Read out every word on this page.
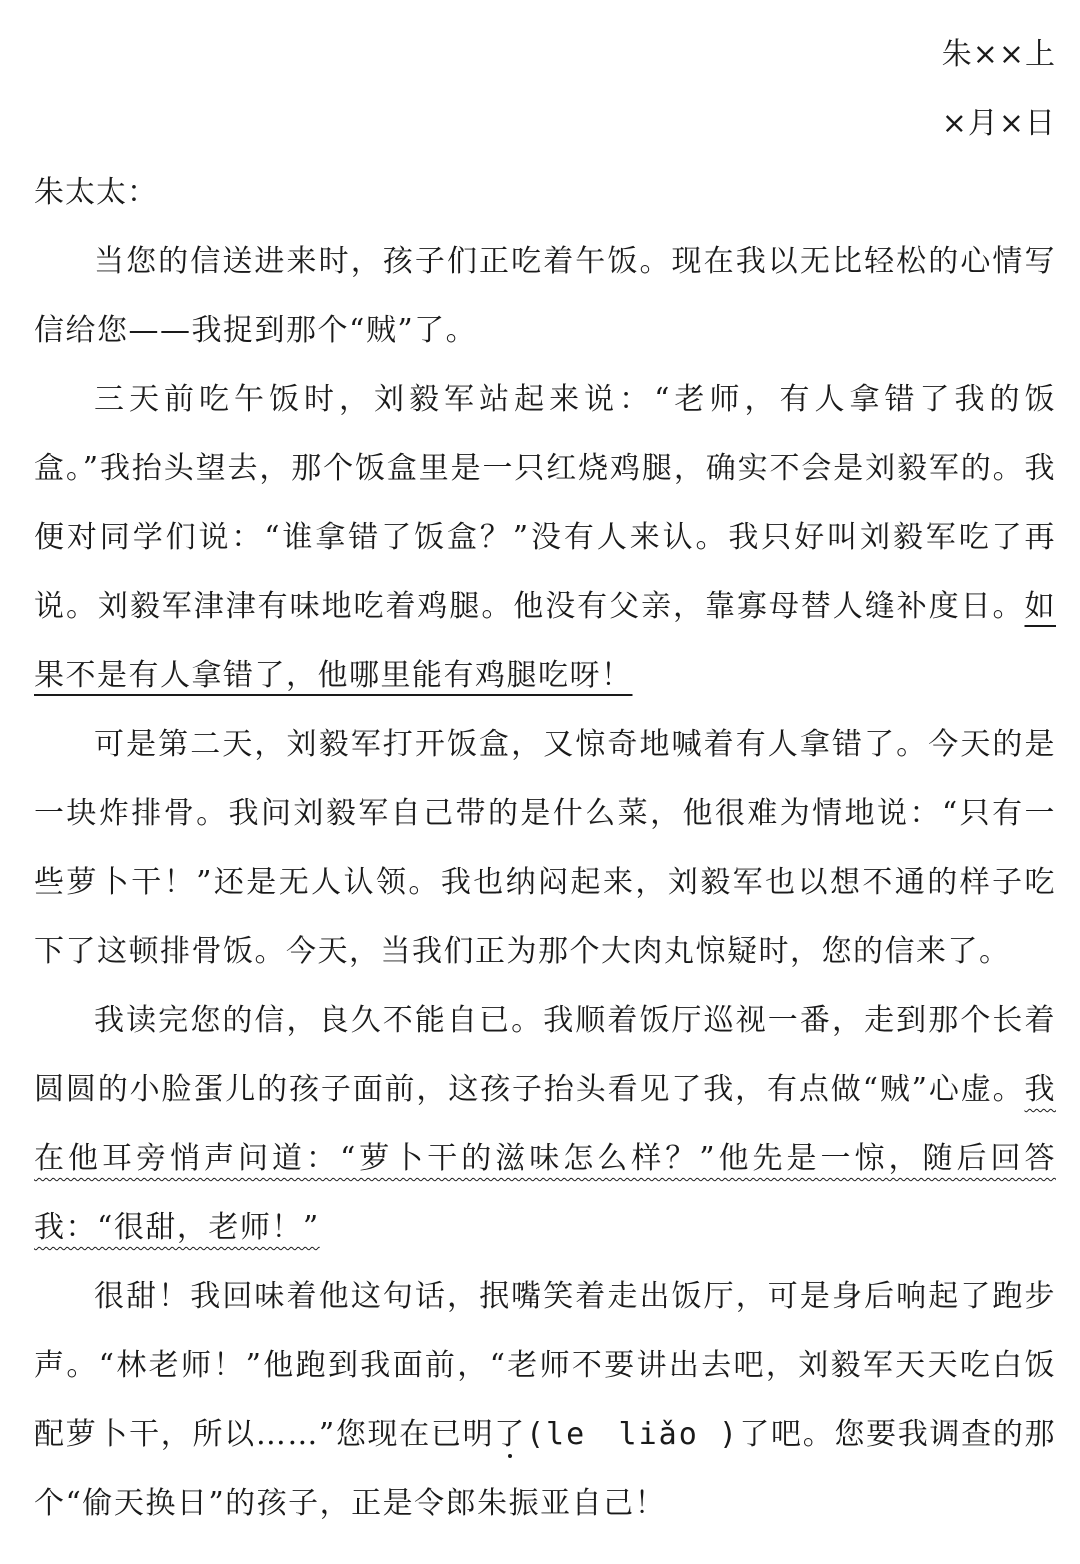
朱××上
×月×日
朱太太：

当您的信送进来时，孩子们正吃着午饭。现在我以无比轻松的心情写信给您——我捉到那个“贼”了。

三天前吃午饭时，刘毅军站起来说：“老师，有人拿错了我的饭盒。”我抬头望去，那个饭盒里是一只红烧鸡腿，确实不会是刘毅军的。我便对同学们说：“谁拿错了饭盒？”没有人来认。我只好叫刘毅军吃了再说。刘毅军津津有味地吃着鸡腿。他没有父亲，靠寡母替人缝补度日。如果不是有人拿错了，他哪里能有鸡腿吃呀！

可是第二天，刘毅军打开饭盒，又惊奇地喊着有人拿错了。今天的是一块炸排骨。我问刘毅军自己带的是什么菜，他很难为情地说：“只有一些萝卜干！”还是无人认领。我也纳闷起来，刘毅军也以想不通的样子吃下了这顿排骨饭。今天，当我们正为那个大肉丸惊疑时，您的信来了。

我读完您的信，良久不能自已。我顺着饭厅巡视一番，走到那个长着圆圆的小脸蛋儿的孩子面前，这孩子抬头看见了我，有点做“贼”心虚。我在他耳旁悄声问道：“萝卜干的滋味怎么样？”他先是一惊，随后回答我：“很甜，老师！”

很甜！我回味着他这句话，抿嘴笑着走出饭厅，可是身后响起了跑步声。“林老师！”他跑到我面前，“老师不要讲出去吧，刘毅军天天吃白饭配萝卜干，所以……”您现在已明了(le　liǎo )了吧。您要我调查的那个“偷天换日”的孩子，正是令郎朱振亚自己！
